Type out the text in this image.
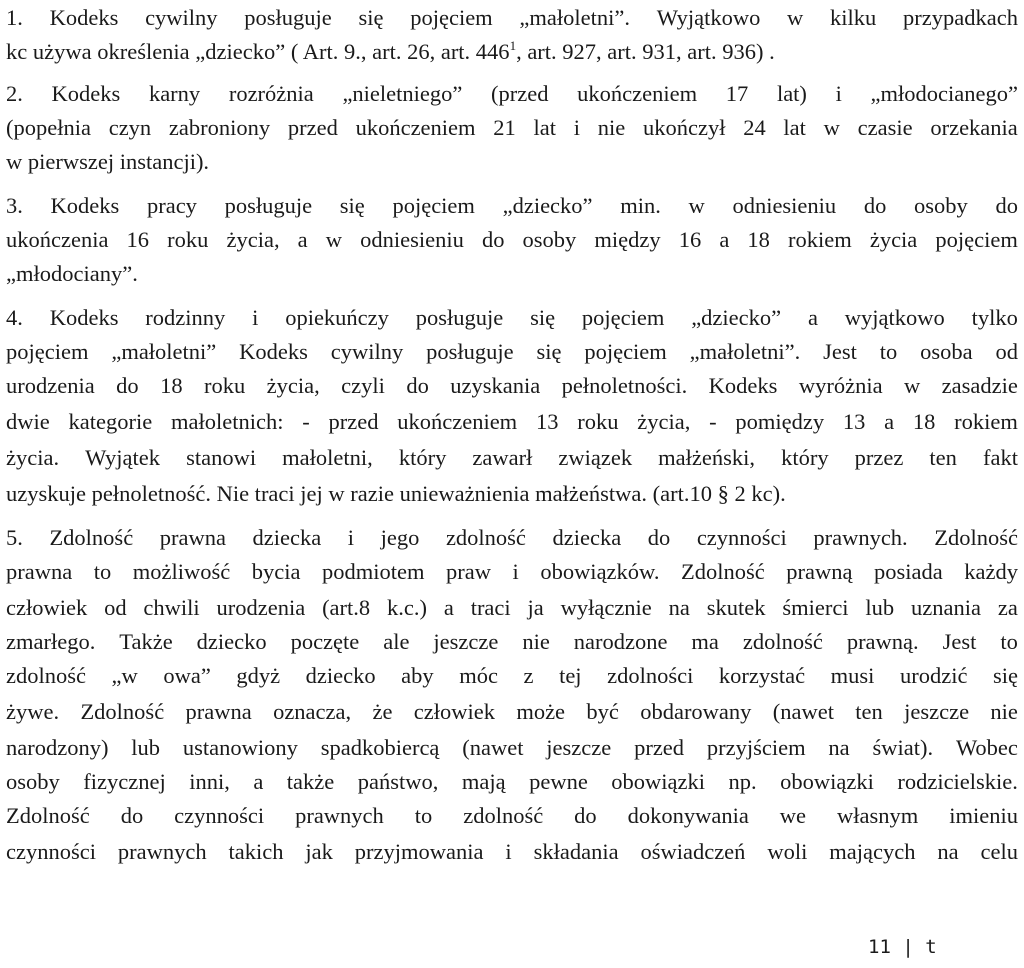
1. Kodeks cywilny posługuje się pojęciem „małoletni”. Wyjątkowo w kilku przypadkach
kc używa określenia „dziecko” ( Art. 9., art. 26, art. $446^1$, art. 927, art. 931, art. 936) .
2. Kodeks karny rozróżnia „nieletniego” (przed ukończeniem 17 lat) i „młodocianego”
(popełnia czyn zabroniony przed ukończeniem 21 lat i nie ukończył 24 lat w czasie orzekania
w pierwszej instancji).
3. Kodeks pracy posługuje się pojęciem „dziecko” min. w odniesieniu do osoby do
ukończenia 16 roku życia, a w odniesieniu do osoby między 16 a 18 rokiem życia pojęciem
„młodociany”.
4. Kodeks rodzinny i opiekuńczy posługuje się pojęciem „dziecko” a wyjątkowo tylko
pojęciem „małoletni” Kodeks cywilny posługuje się pojęciem „małoletni”. Jest to osoba od
urodzenia do 18 roku życia, czyli do uzyskania pełnoletności. Kodeks wyróżnia w zasadzie
dwie kategorie małoletnich: - przed ukończeniem 13 roku życia, - pomiędzy 13 a 18 rokiem
życia. Wyjątek stanowi małoletni, który zawarł związek małżeński, który przez ten fakt
uzyskuje pełnoletność. Nie traci jej w razie unieważnienia małżeństwa. (art.10 § 2 kc).
5. Zdolność prawna dziecka i jego zdolność dziecka do czynności prawnych. Zdolność
prawna to możliwość bycia podmiotem praw i obowiązków. Zdolność prawną posiada każdy
człowiek od chwili urodzenia (art.8 k.c.) a traci ja wyłącznie na skutek śmierci lub uznania za
zmarłego. Także dziecko poczęte ale jeszcze nie narodzone ma zdolność prawną. Jest to
zdolność „w owa” gdyż dziecko aby móc z tej zdolności korzystać musi urodzić się
żywe. Zdolność prawna oznacza, że człowiek może być obdarowany (nawet ten jeszcze nie
narodzony) lub ustanowiony spadkobiercą (nawet jeszcze przed przyjściem na świat). Wobec
osoby fizycznej inni, a także państwo, mają pewne obowiązki np. obowiązki rodzicielskie.
Zdolność do czynności prawnych to zdolność do dokonywania we własnym imieniu
czynności prawnych takich jak przyjmowania i składania oświadczeń woli mających na celu
11 | t
